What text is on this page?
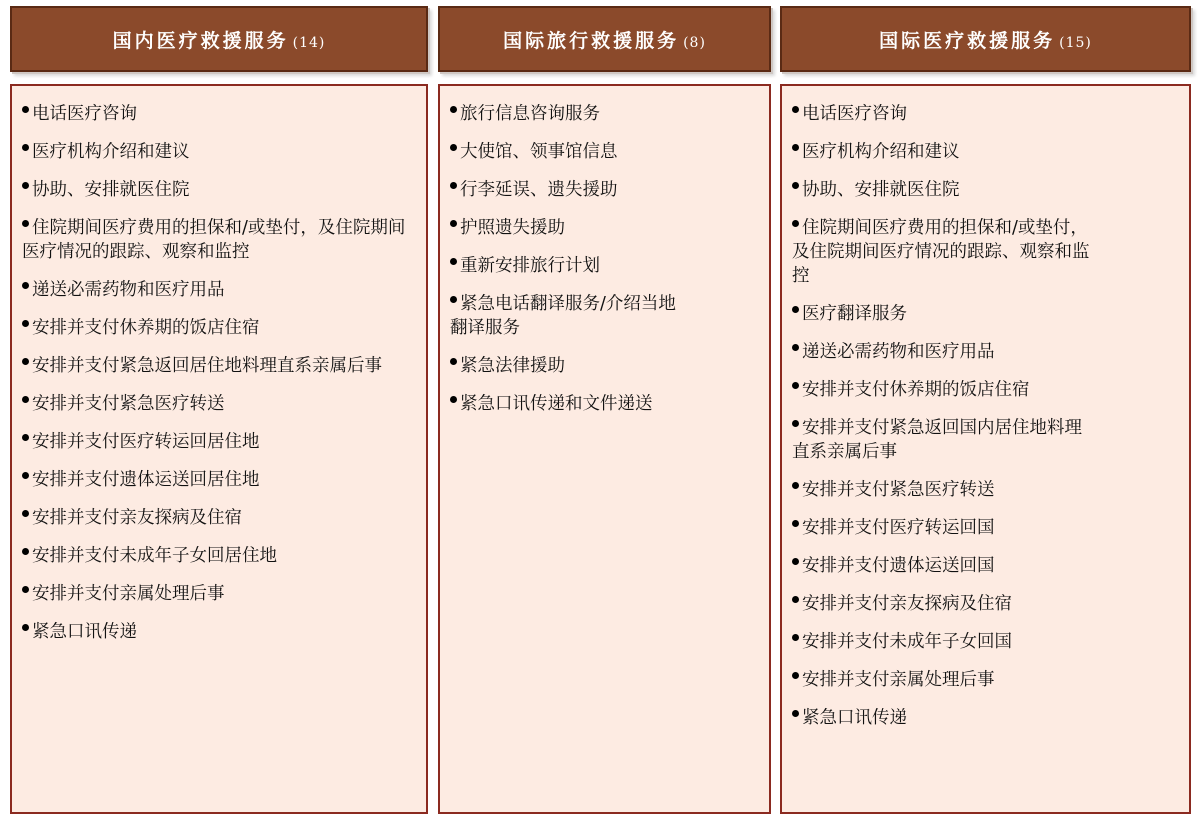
国内医疗救援服务 (14)
电话医疗咨询
医疗机构介绍和建议
协助、安排就医住院
住院期间医疗费用的担保和/或垫付，及住院期间医疗情况的跟踪、观察和监控
递送必需药物和医疗用品
安排并支付休养期的饭店住宿
安排并支付紧急返回居住地料理直系亲属后事
安排并支付紧急医疗转送
安排并支付医疗转运回居住地
安排并支付遗体运送回居住地
安排并支付亲友探病及住宿
安排并支付未成年子女回居住地
安排并支付亲属处理后事
紧急口讯传递
国际旅行救援服务 (8)
旅行信息咨询服务
大使馆、领事馆信息
行李延误、遗失援助
护照遗失援助
重新安排旅行计划
紧急电话翻译服务/介绍当地翻译服务
紧急法律援助
紧急口讯传递和文件递送
国际医疗救援服务 (15)
电话医疗咨询
医疗机构介绍和建议
协助、安排就医住院
住院期间医疗费用的担保和/或垫付，及住院期间医疗情况的跟踪、观察和监控
医疗翻译服务
递送必需药物和医疗用品
安排并支付休养期的饭店住宿
安排并支付紧急返回国内居住地料理直系亲属后事
安排并支付紧急医疗转送
安排并支付医疗转运回国
安排并支付遗体运送回国
安排并支付亲友探病及住宿
安排并支付未成年子女回国
安排并支付亲属处理后事
紧急口讯传递
